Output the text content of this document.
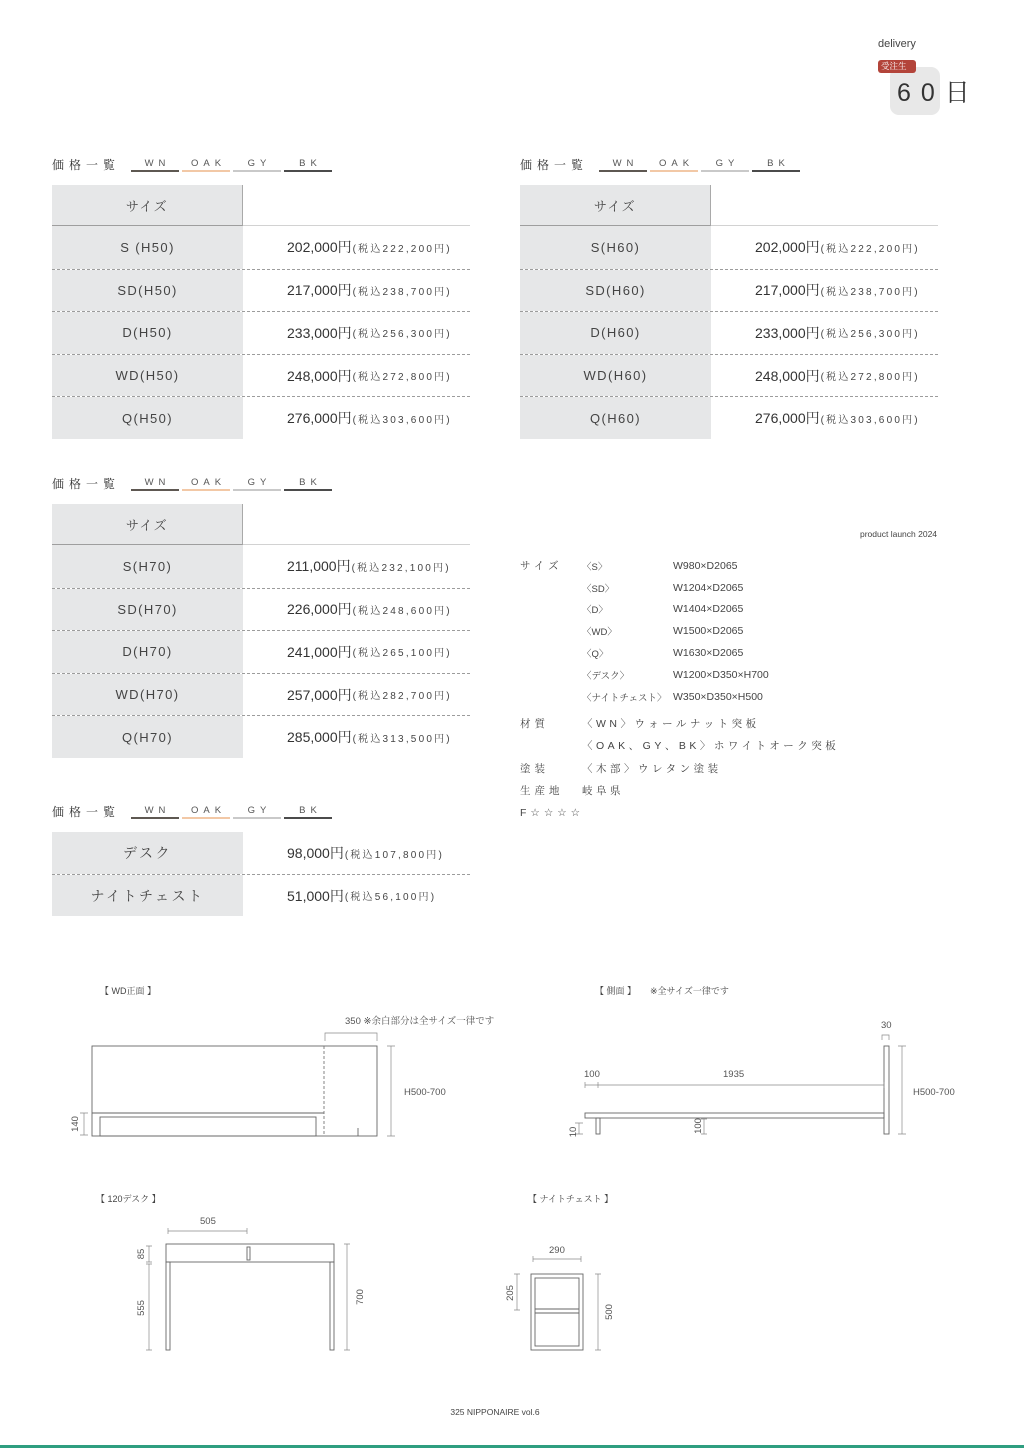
delivery
受注生
60日
価格一覧	WN	OAK	GY	BK
サイズ
S (H50)	202,000円 (税込222,200円)
SD(H50)	217,000円 (税込238,700円)
D(H50)	233,000円 (税込256,300円)
WD(H50)	248,000円 (税込272,800円)
Q(H50)	276,000円 (税込303,600円)
価格一覧	WN	OAK	GY	BK
サイズ
S(H60)	202,000円 (税込222,200円)
SD(H60)	217,000円 (税込238,700円)
D(H60)	233,000円 (税込256,300円)
WD(H60)	248,000円 (税込272,800円)
Q(H60)	276,000円 (税込303,600円)
価格一覧	WN	OAK	GY	BK
サイズ
S(H70)	211,000円 (税込232,100円)
SD(H70)	226,000円 (税込248,600円)
D(H70)	241,000円 (税込265,100円)
WD(H70)	257,000円 (税込282,700円)
Q(H70)	285,000円 (税込313,500円)
価格一覧	WN	OAK	GY	BK
デスク	98,000円 (税込107,800円)
ナイトチェスト	51,000円 (税込56,100円)
product launch 2024
サイズ	〈S〉	W980×D2065
〈SD〉	W1204×D2065
〈D〉	W1404×D2065
〈WD〉	W1500×D2065
〈Q〉	W1630×D2065
〈デスク〉	W1200×D350×H700
〈ナイトチェスト〉 W350×D350×H500
材質	〈WN〉ウォールナット突板
〈OAK、GY、BK〉ホワイトオーク突板
塗装	〈木部〉ウレタン塗装
生産地	岐阜県
F☆☆☆☆
【 WD正面 】
350 ※余白部分は全サイズ一律です
H500-700
140
【 側面 】 ※全サイズ一律です
30
100	1935
H500-700
10	100
【 120デスク 】
505
85
555
700
【 ナイトチェスト 】
290
205
500
325 NIPPONAIRE vol.6
